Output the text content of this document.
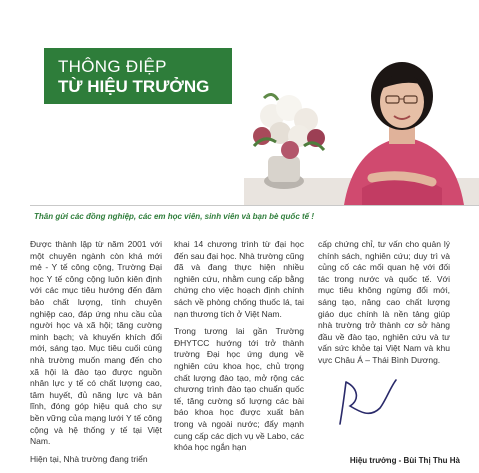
THÔNG ĐIỆP
TỪ HIỆU TRƯỞNG
Thân gửi các đồng nghiệp, các em học viên, sinh viên và bạn bè quốc tế !

Được thành lập từ năm 2001 với một chuyên ngành còn khá mới mẻ - Y tế công cộng, Trường Đại học Y tế công cộng luôn kiên định với các mục tiêu hướng đến đảm bảo chất lượng, tính chuyên nghiệp cao, đáp ứng nhu cầu của người học và xã hội; tăng cường minh bạch; và khuyến khích đổi mới, sáng tạo. Mục tiêu cuối cùng nhà trường muốn mang đến cho xã hội là đào tạo được nguồn nhân lực y tế có chất lượng cao, tâm huyết, đủ năng lực và bản lĩnh, đóng góp hiệu quả cho sự bền vững của mạng lưới Y tế công cộng và hệ thống y tế tại Việt Nam.

Hiện tại, Nhà trường đang triển

khai 14 chương trình từ đại học đến sau đại học. Nhà trường cũng đã và đang thực hiện nhiều nghiên cứu, nhằm cung cấp bằng chứng cho việc hoạch định chính sách về phòng chống thuốc lá, tai nạn thương tích ở Việt Nam.

Trong tương lai gần Trường ĐHYTCC hướng tới trở thành trường Đại học ứng dụng về nghiên cứu khoa học, chủ trọng chất lượng đào tạo, mở rộng các chương trình đào tạo chuẩn quốc tế, tăng cường số lượng các bài báo khoa học được xuất bản trong và ngoài nước; đẩy mạnh cung cấp các dịch vụ về Labo, các khóa học ngắn hạn

cấp chứng chỉ, tư vấn cho quản lý chính sách, nghiên cứu; duy trì và củng cố các mối quan hệ với đối tác trong nước và quốc tế. Với mục tiêu không ngừng đổi mới, sáng tạo, nâng cao chất lượng giáo dục chính là nền tảng giúp nhà trường trở thành cơ sở hàng đầu về đào tạo, nghiên cứu và tư vấn sức khỏe tại Việt Nam và khu vực Châu Á – Thái Bình Dương.

Hiệu trưởng - Bùi Thị Thu Hà
